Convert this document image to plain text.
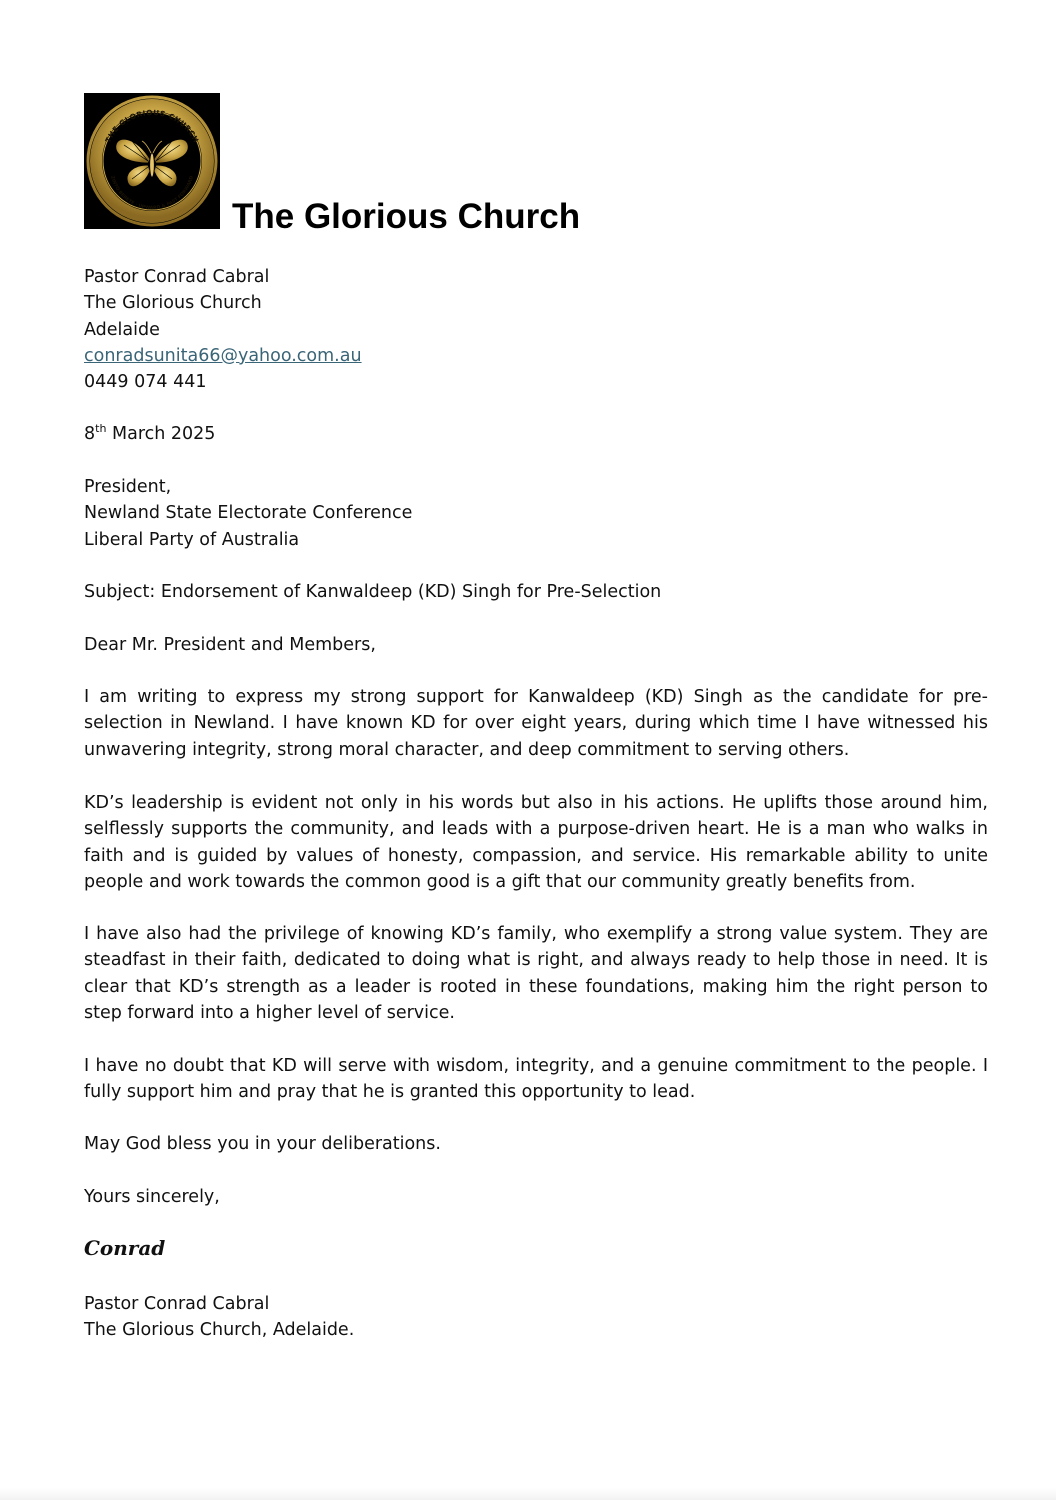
THE GLORIOUS CHURCH
ZINTO BERETE · UPWARD & FAST FORWARD
The Glorious Church
Pastor Conrad Cabral
The Glorious Church
Adelaide
conradsunita66@yahoo.com.au
0449 074 441
8th March 2025
President,
Newland State Electorate Conference
Liberal Party of Australia
Subject: Endorsement of Kanwaldeep (KD) Singh for Pre-Selection
Dear Mr. President and Members,
I am writing to express my strong support for Kanwaldeep (KD) Singh as the candidate for pre-selection in Newland. I have known KD for over eight years, during which time I have witnessed his unwavering integrity, strong moral character, and deep commitment to serving others.
KD’s leadership is evident not only in his words but also in his actions. He uplifts those around him, selflessly supports the community, and leads with a purpose-driven heart. He is a man who walks in faith and is guided by values of honesty, compassion, and service. His remarkable ability to unite people and work towards the common good is a gift that our community greatly benefits from.
I have also had the privilege of knowing KD’s family, who exemplify a strong value system. They are steadfast in their faith, dedicated to doing what is right, and always ready to help those in need. It is clear that KD’s strength as a leader is rooted in these foundations, making him the right person to step forward into a higher level of service.
I have no doubt that KD will serve with wisdom, integrity, and a genuine commitment to the people. I fully support him and pray that he is granted this opportunity to lead.
May God bless you in your deliberations.
Yours sincerely,
Conrad
Pastor Conrad Cabral
The Glorious Church, Adelaide.
